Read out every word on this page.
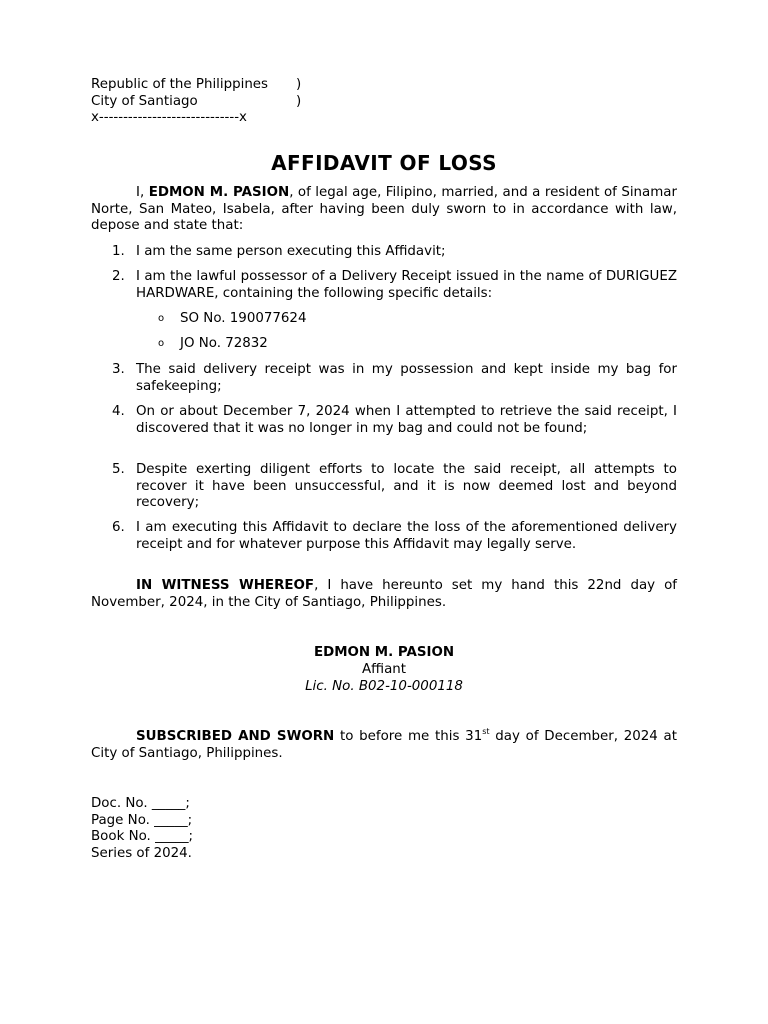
Republic of the Philippines	)
City of Santiago	)
x-----------------------------x
AFFIDAVIT OF LOSS

I, EDMON M. PASION, of legal age, Filipino, married, and a resident of Sinamar Norte, San Mateo, Isabela, after having been duly sworn to in accordance with law, depose and state that:

1. I am the same person executing this Affidavit;
2. I am the lawful possessor of a Delivery Receipt issued in the name of DURIGUEZ HARDWARE, containing the following specific details:
o SO No. 190077624
o JO No. 72832
3. The said delivery receipt was in my possession and kept inside my bag for safekeeping;
4. On or about December 7, 2024 when I attempted to retrieve the said receipt, I discovered that it was no longer in my bag and could not be found;
5. Despite exerting diligent efforts to locate the said receipt, all attempts to recover it have been unsuccessful, and it is now deemed lost and beyond recovery;
6. I am executing this Affidavit to declare the loss of the aforementioned delivery receipt and for whatever purpose this Affidavit may legally serve.

IN WITNESS WHEREOF, I have hereunto set my hand this 22nd day of November, 2024, in the City of Santiago, Philippines.

EDMON M. PASION
Affiant
Lic. No. B02-10-000118

SUBSCRIBED AND SWORN to before me this 31st day of December, 2024 at City of Santiago, Philippines.

Doc. No. _____;
Page No. _____;
Book No. _____;
Series of 2024.
